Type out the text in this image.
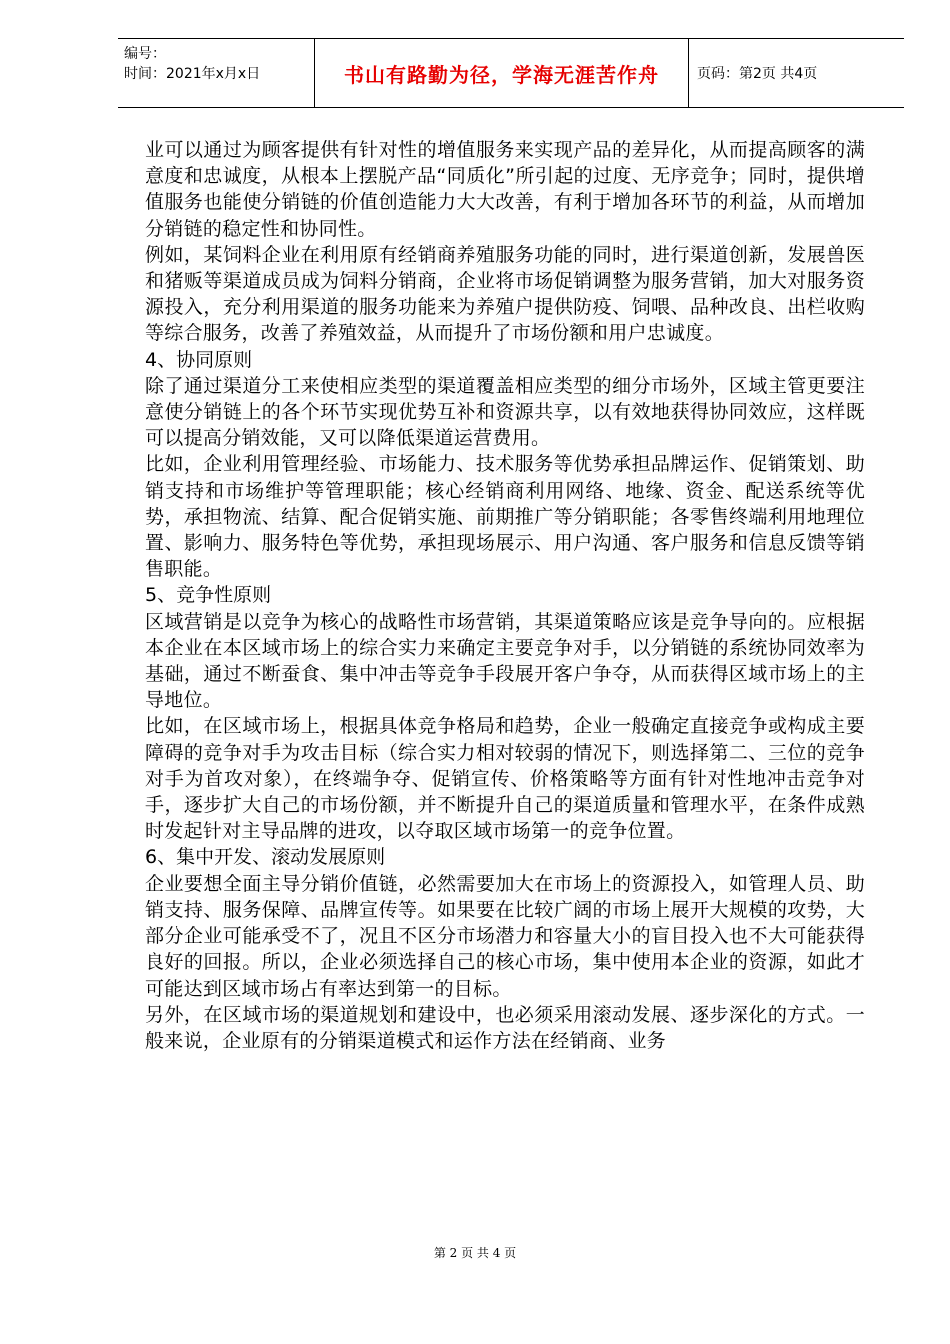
编号：
时间：2021年x月x日	书山有路勤为径，学海无涯苦作舟	页码：第2页 共4页

业可以通过为顾客提供有针对性的增值服务来实现产品的差异化，从而提高顾客的满意度和忠诚度，从根本上摆脱产品“同质化”所引起的过度、无序竞争；同时，提供增值服务也能使分销链的价值创造能力大大改善，有利于增加各环节的利益，从而增加分销链的稳定性和协同性。

例如，某饲料企业在利用原有经销商养殖服务功能的同时，进行渠道创新，发展兽医和猪贩等渠道成员成为饲料分销商，企业将市场促销调整为服务营销，加大对服务资源投入，充分利用渠道的服务功能来为养殖户提供防疫、饲喂、品种改良、出栏收购等综合服务，改善了养殖效益，从而提升了市场份额和用户忠诚度。

4、协同原则

除了通过渠道分工来使相应类型的渠道覆盖相应类型的细分市场外，区域主管更要注意使分销链上的各个环节实现优势互补和资源共享，以有效地获得协同效应，这样既可以提高分销效能，又可以降低渠道运营费用。

比如，企业利用管理经验、市场能力、技术服务等优势承担品牌运作、促销策划、助销支持和市场维护等管理职能；核心经销商利用网络、地缘、资金、配送系统等优势，承担物流、结算、配合促销实施、前期推广等分销职能；各零售终端利用地理位置、影响力、服务特色等优势，承担现场展示、用户沟通、客户服务和信息反馈等销售职能。

5、竞争性原则

区域营销是以竞争为核心的战略性市场营销，其渠道策略应该是竞争导向的。应根据本企业在本区域市场上的综合实力来确定主要竞争对手，以分销链的系统协同效率为基础，通过不断蚕食、集中冲击等竞争手段展开客户争夺，从而获得区域市场上的主导地位。

比如，在区域市场上，根据具体竞争格局和趋势，企业一般确定直接竞争或构成主要障碍的竞争对手为攻击目标（综合实力相对较弱的情况下，则选择第二、三位的竞争对手为首攻对象），在终端争夺、促销宣传、价格策略等方面有针对性地冲击竞争对手，逐步扩大自己的市场份额，并不断提升自己的渠道质量和管理水平，在条件成熟时发起针对主导品牌的进攻，以夺取区域市场第一的竞争位置。

6、集中开发、滚动发展原则

企业要想全面主导分销价值链，必然需要加大在市场上的资源投入，如管理人员、助销支持、服务保障、品牌宣传等。如果要在比较广阔的市场上展开大规模的攻势，大部分企业可能承受不了，况且不区分市场潜力和容量大小的盲目投入也不大可能获得良好的回报。所以，企业必须选择自己的核心市场，集中使用本企业的资源，如此才可能达到区域市场占有率达到第一的目标。

另外，在区域市场的渠道规划和建设中，也必须采用滚动发展、逐步深化的方式。一般来说，企业原有的分销渠道模式和运作方法在经销商、业务

第 2 页 共 4 页
